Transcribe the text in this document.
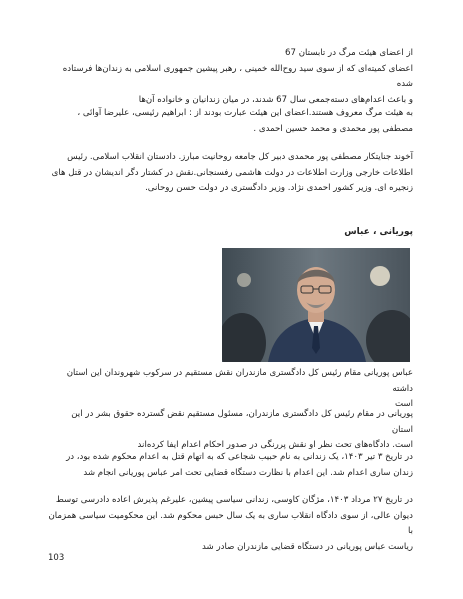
از اعضای هیئت مرگ در تابستان 67

اعضای کمیته‌ای که از سوی سید روح‌الله خمینی ، رهبر پیشین جمهوری اسلامی به زندان‌ها فرستاده شده

و باعث اعدام‌های دسته‌جمعی سال 67 شدند، در میان زندانیان و خانواده آن‌ها

به هیئت مرگ معروف هستند.اعضای این هیئت عبارت بودند از : ابراهیم رئیسی، علیرضا آوائی ،

مصطفی پور محمدی و محمد حسین احمدی .

آخوند جنایتکار مصطفی پور محمدی دبیر کل جامعه روحانیت مبارز. دادستان انقلاب اسلامی. رئیس

اطلاعات خارجی وزارت اطلاعات در دولت هاشمی رفسنجانی.نقش در کشتار دگر اندیشان در قتل های

زنجیره ای. وزیر کشور احمدی نژاد. وزیر دادگستری در دولت حسن روحانی.

پوریانی ، عباس

عباس پوریانی مقام رئیس کل دادگستری مازندران نقش مستقیم در سرکوب شهروندان این استان داشته

است

پوریانی در مقام رئیس کل دادگستری مازندران، مسئول مستقیم نقض گسترده حقوق بشر در این استان

است. دادگاه‌های تحت نظر او نقش پررنگی در صدور احکام اعدام ایفا کرده‌اند

در تاریخ ۳ تیر ۱۴۰۳، یک زندانی به نام حبیب شجاعی که به اتهام قتل به اعدام محکوم شده بود، در

زندان ساری اعدام شد. این اعدام با نظارت دستگاه قضایی تحت امر عباس پوریانی انجام شد

در تاریخ ۲۷ مرداد ۱۴۰۳، مژگان کاوسی، زندانی سیاسی پیشین، علیرغم پذیرش اعاده دادرسی توسط

دیوان عالی، از سوی دادگاه انقلاب ساری به یک سال حبس محکوم شد. این محکومیت سیاسی همزمان با

ریاست عباس پوریانی در دستگاه قضایی مازندران صادر شد

103
